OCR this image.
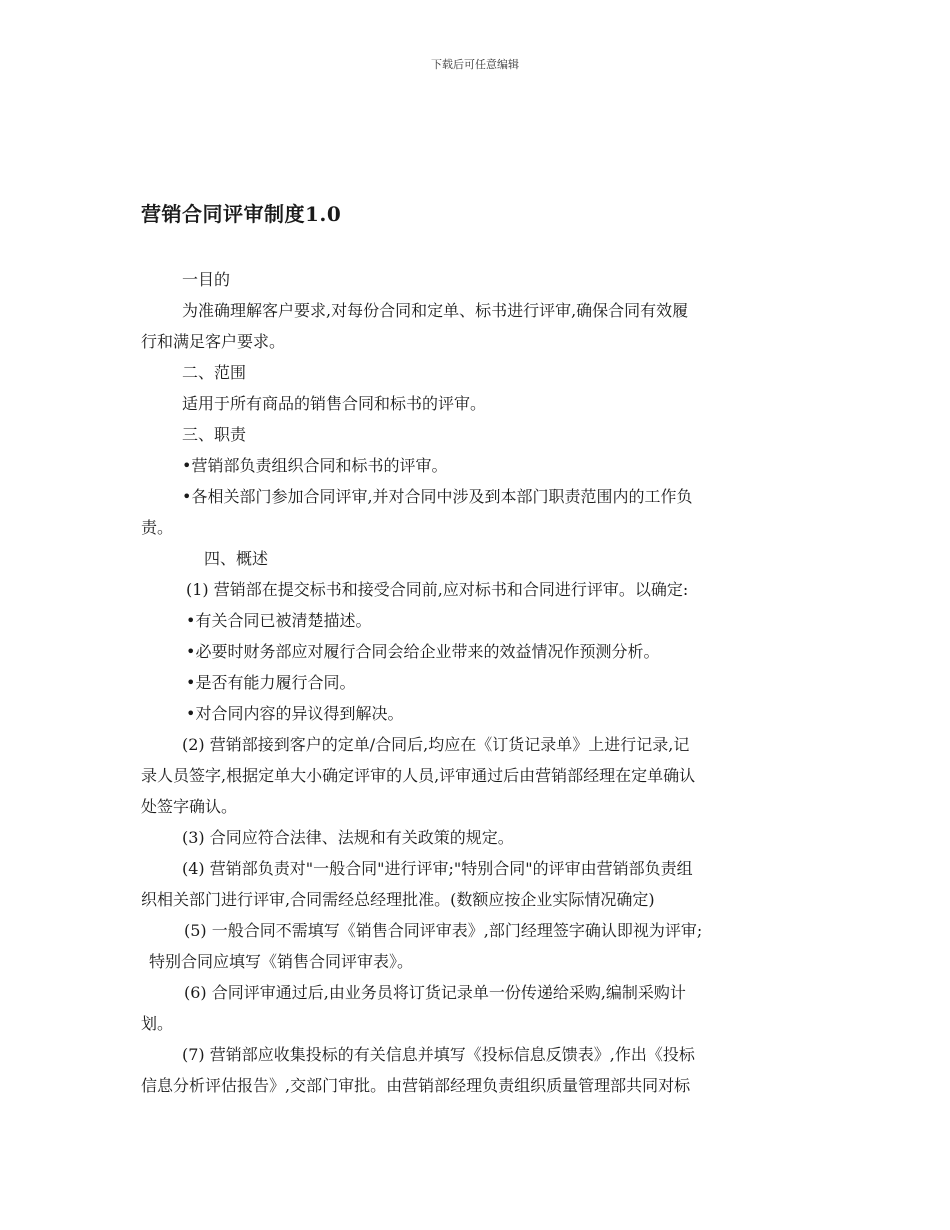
下载后可任意编辑
营销合同评审制度1.0
一目的
为准确理解客户要求,对每份合同和定单、标书进行评审,确保合同有效履
行和满足客户要求。
二、范围
适用于所有商品的销售合同和标书的评审。
三、职责
•营销部负责组织合同和标书的评审。
•各相关部门参加合同评审,并对合同中涉及到本部门职责范围内的工作负
责。
四、概述
(1) 营销部在提交标书和接受合同前,应对标书和合同进行评审。以确定:
•有关合同已被清楚描述。
•必要时财务部应对履行合同会给企业带来的效益情况作预测分析。
•是否有能力履行合同。
•对合同内容的异议得到解决。
(2) 营销部接到客户的定单/合同后,均应在《订货记录单》上进行记录,记
录人员签字,根据定单大小确定评审的人员,评审通过后由营销部经理在定单确认
处签字确认。
(3) 合同应符合法律、法规和有关政策的规定。
(4) 营销部负责对"一般合同"进行评审;"特别合同"的评审由营销部负责组
织相关部门进行评审,合同需经总经理批准。(数额应按企业实际情况确定)
(5) 一般合同不需填写《销售合同评审表》,部门经理签字确认即视为评审;
特别合同应填写《销售合同评审表》。
(6) 合同评审通过后,由业务员将订货记录单一份传递给采购,编制采购计
划。
(7) 营销部应收集投标的有关信息并填写《投标信息反馈表》,作出《投标
信息分析评估报告》,交部门审批。由营销部经理负责组织质量管理部共同对标
